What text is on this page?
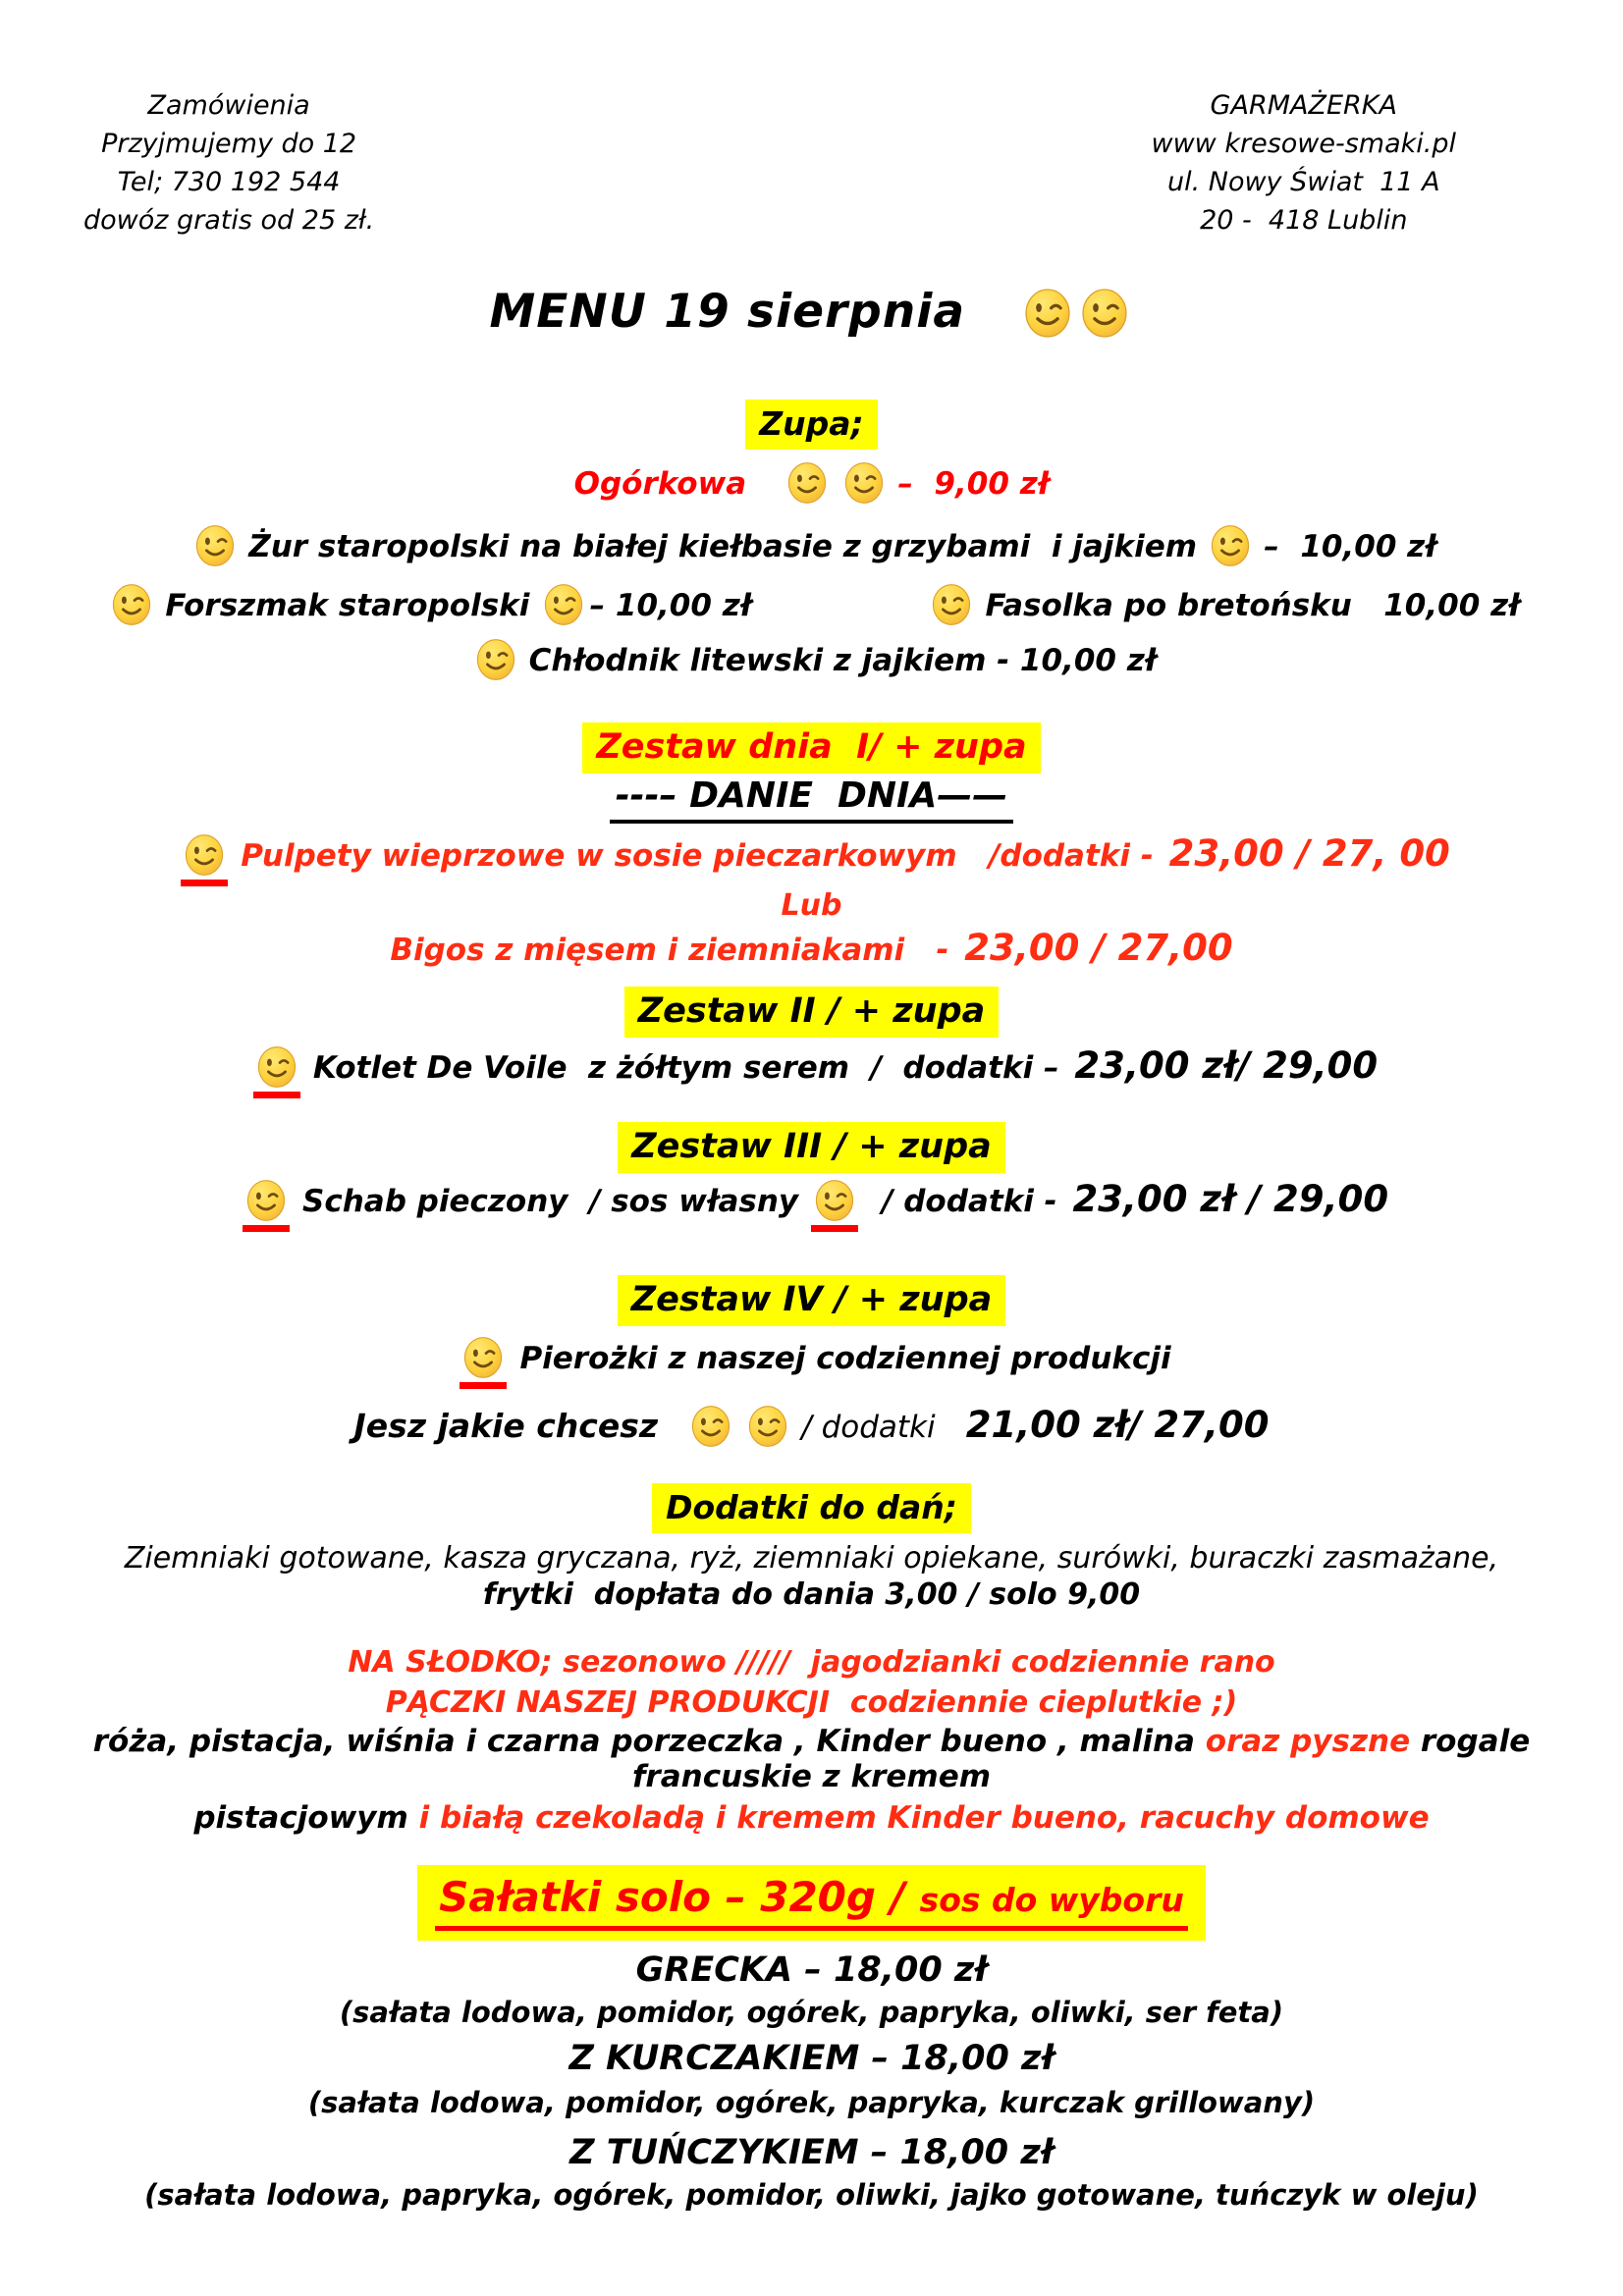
Zamówienia
Przyjmujemy do 12
Tel; 730 192 544
dowóz gratis od 25 zł.
GARMAŻERKA
www kresowe-smaki.pl
ul. Nowy Świat  11 A
20 -  418 Lublin
MENU 19 sierpnia
Zupa;
Ogórkowa	–  9,00 zł
Żur staropolski na białej kiełbasie z grzybami  i jajkiem –  10,00 zł
Forszmak staropolski – 10,00 zł	Fasolka po bretońsku   10,00 zł
Chłodnik litewski z jajkiem - 10,00 zł
Zestaw dnia  I/ + zupa
---– DANIE  DNIA——
Pulpety wieprzowe w sosie pieczarkowym   /dodatki -  23,00 / 27, 00
Lub
Bigos z mięsem i ziemniakami   -  23,00 / 27,00
Zestaw II / + zupa
Kotlet De Voile  z żółtym serem  /  dodatki –  23,00 zł/ 29,00
Zestaw III / + zupa
Schab pieczony  / sos własny   / dodatki -  23,00 zł / 29,00
Zestaw IV / + zupa
Pierożki z naszej codziennej produkcji
Jesz jakie chcesz	/ dodatki 21,00 zł/ 27,00
Dodatki do dań;
Ziemniaki gotowane, kasza gryczana, ryż, ziemniaki opiekane, surówki, buraczki zasmażane,
frytki  dopłata do dania 3,00 / solo 9,00
NA SŁODKO; sezonowo /////  jagodzianki codziennie rano
PĄCZKI NASZEJ PRODUKCJI  codziennie cieplutkie ;)
róża, pistacja, wiśnia i czarna porzeczka , Kinder bueno , malina oraz pyszne rogale francuskie z kremem
pistacjowym i białą czekoladą i kremem Kinder bueno, racuchy domowe
Sałatki solo – 320g / sos do wyboru
GRECKA – 18,00 zł
(sałata lodowa, pomidor, ogórek, papryka, oliwki, ser feta)
Z KURCZAKIEM – 18,00 zł
(sałata lodowa, pomidor, ogórek, papryka, kurczak grillowany)
Z TUŃCZYKIEM – 18,00 zł
(sałata lodowa, papryka, ogórek, pomidor, oliwki, jajko gotowane, tuńczyk w oleju)
